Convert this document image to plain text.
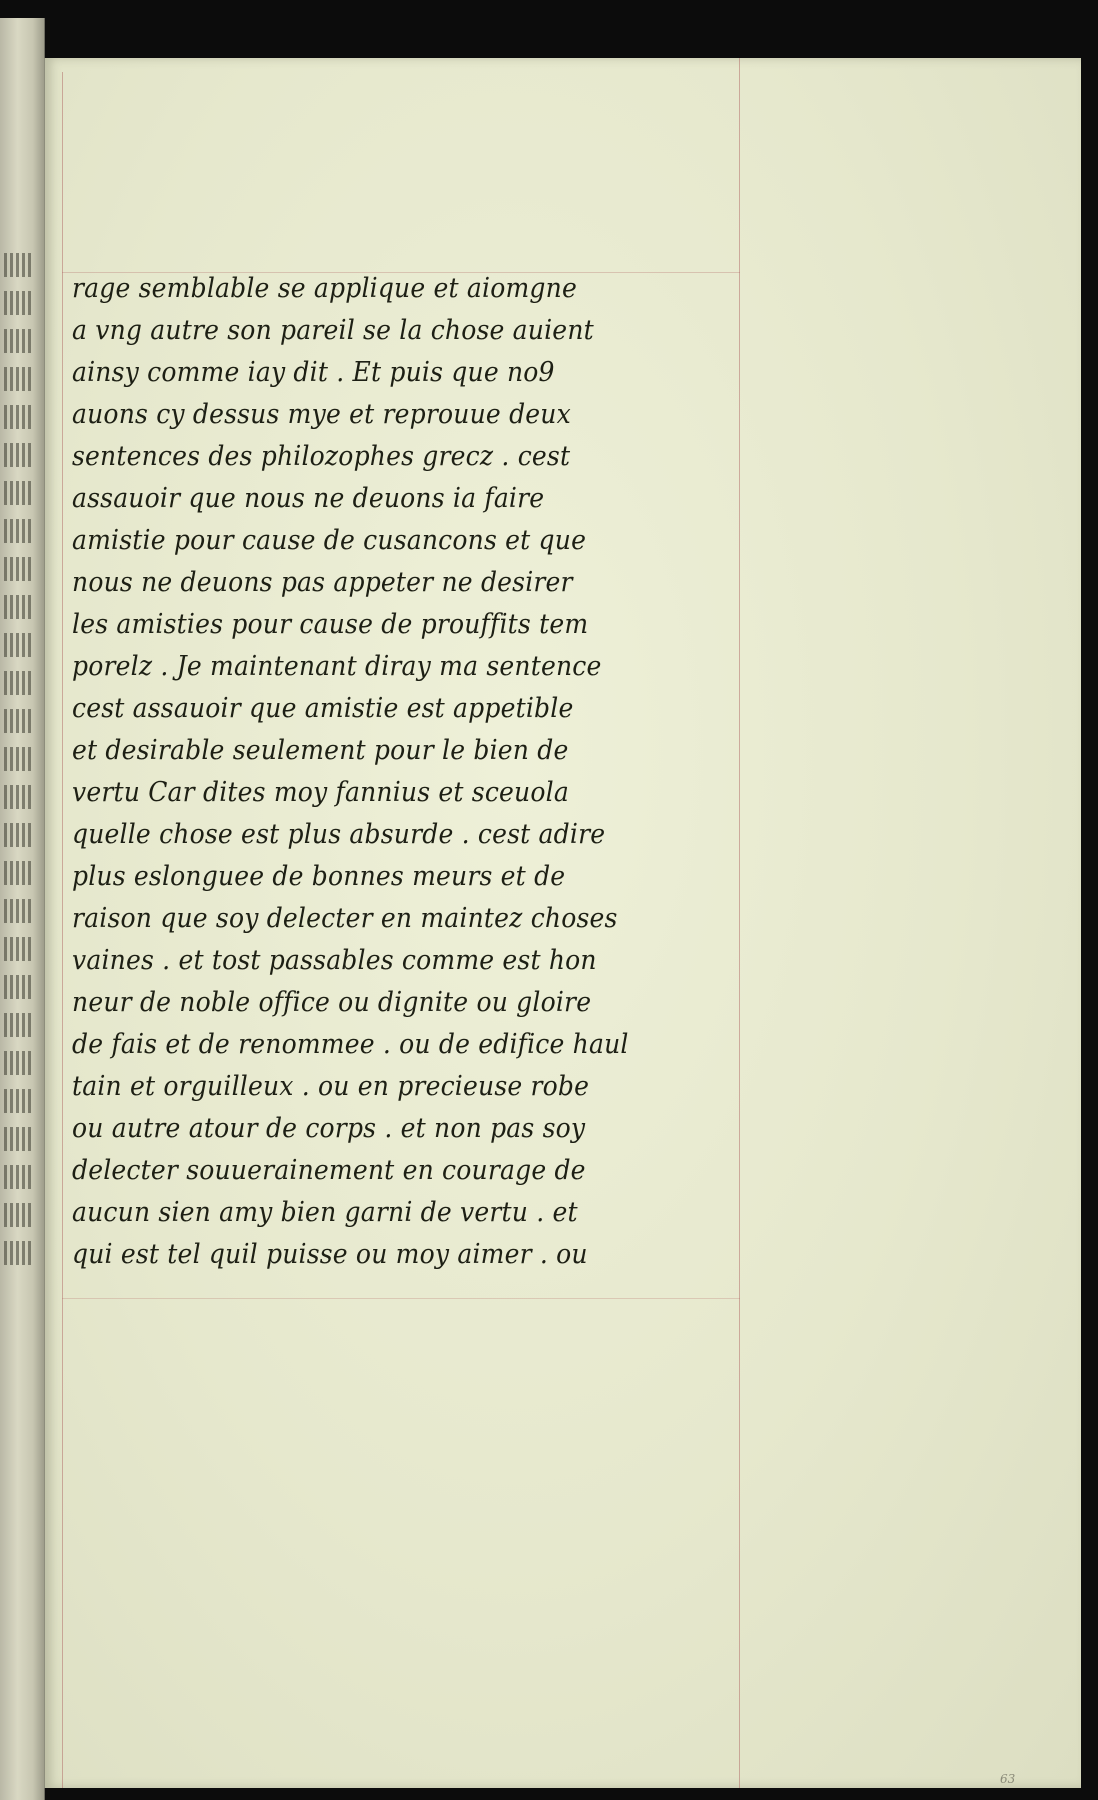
rage semblable se applique et aiomgne
a vng autre son pareil se la chose auient
ainsy comme iay dit . Et puis que no9
auons cy dessus mye et reprouue deux
sentences des philozophes grecz . cest
assauoir que nous ne deuons ia faire
amistie pour cause de cusancons et que
nous ne deuons pas appeter ne desirer
les amisties pour cause de prouffits tem
porelz . Je maintenant diray ma sentence
cest assauoir que amistie est appetible
et desirable seulement pour le bien de
vertu Car dites moy fannius et sceuola
quelle chose est plus absurde . cest adire
plus eslonguee de bonnes meurs et de
raison que soy delecter en maintez choses
vaines . et tost passables comme est hon
neur de noble office ou dignite ou gloire
de fais et de renommee . ou de edifice haul
tain et orguilleux . ou en precieuse robe
ou autre atour de corps . et non pas soy
delecter souuerainement en courage de
aucun sien amy bien garni de vertu . et
qui est tel quil puisse ou moy aimer . ou
63
